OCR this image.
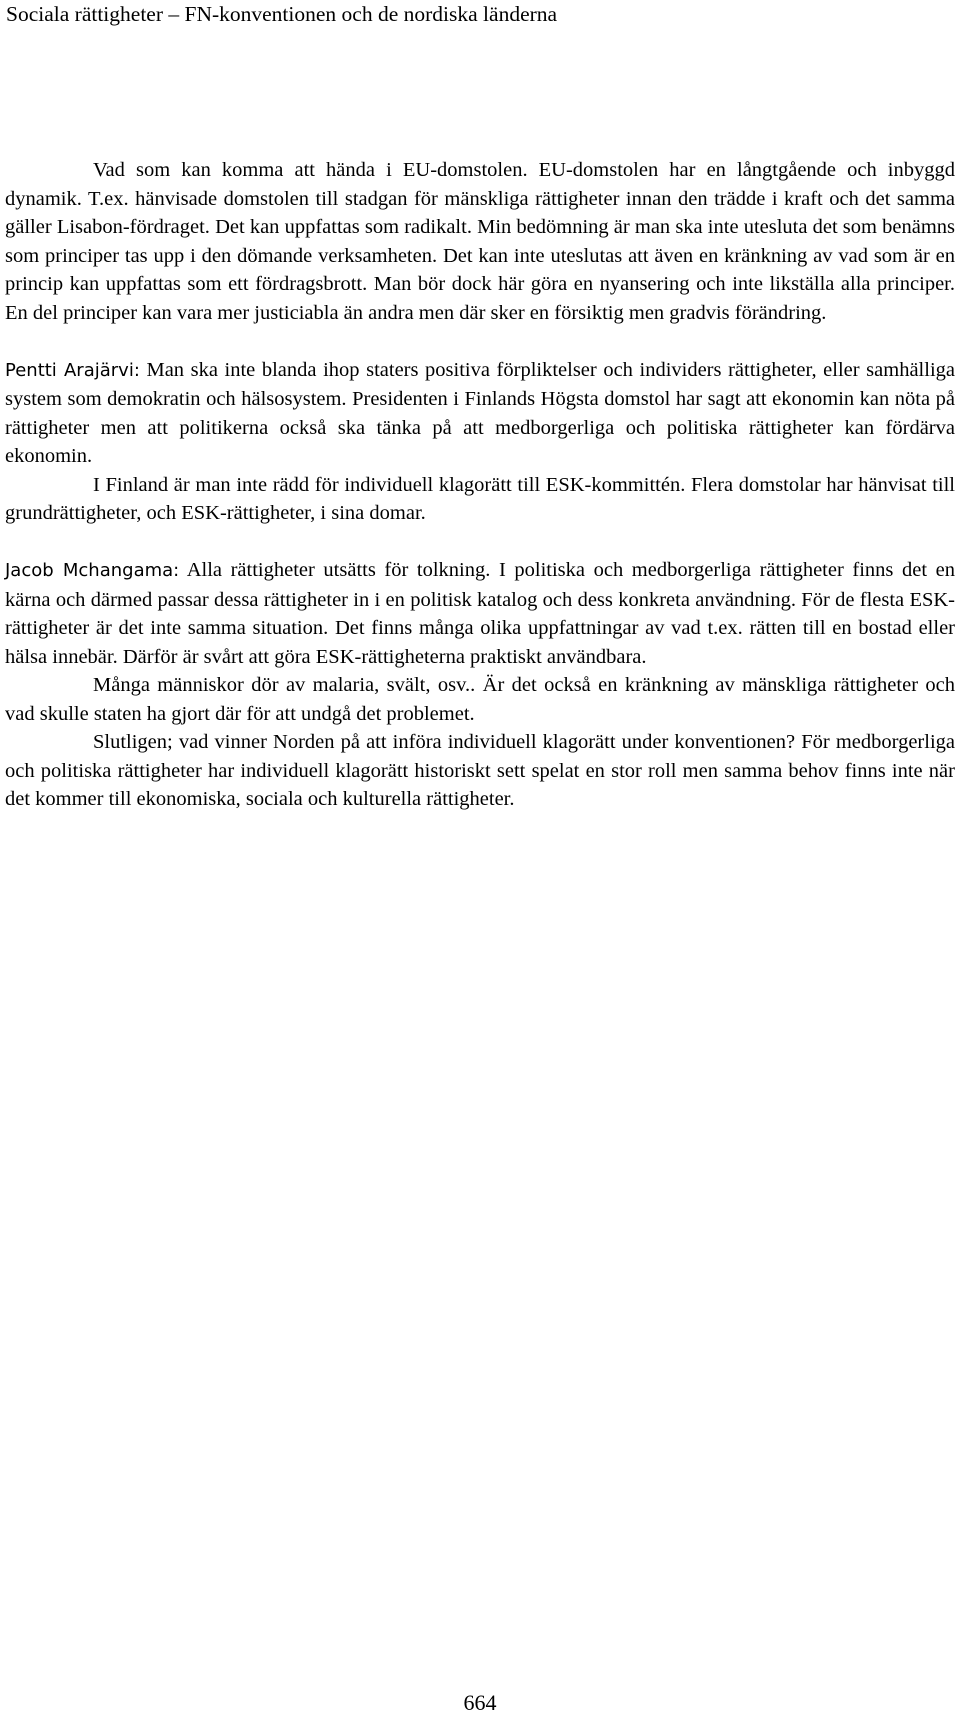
Sociala rättigheter – FN-konventionen och de nordiska länderna

Vad som kan komma att hända i EU-domstolen. EU-domstolen har en långtgående och inbyggd dynamik. T.ex. hänvisade domstolen till stadgan för mänskliga rättigheter innan den trädde i kraft och det samma gäller Lisabon-fördraget. Det kan uppfattas som radikalt. Min bedömning är man ska inte utesluta det som benämns som principer tas upp i den dömande verksamheten. Det kan inte uteslutas att även en kränkning av vad som är en princip kan uppfattas som ett fördragsbrott. Man bör dock här göra en nyansering och inte likställa alla principer. En del principer kan vara mer justiciabla än andra men där sker en försiktig men gradvis förändring.

Pentti Arajärvi: Man ska inte blanda ihop staters positiva förpliktelser och individers rättigheter, eller samhälliga system som demokratin och hälsosystem. Presidenten i Finlands Högsta domstol har sagt att ekonomin kan nöta på rättigheter men att politikerna också ska tänka på att medborgerliga och politiska rättigheter kan fördärva ekonomin.

I Finland är man inte rädd för individuell klagorätt till ESK-kommittén. Flera domstolar har hänvisat till grundrättigheter, och ESK-rättigheter, i sina domar.

Jacob Mchangama: Alla rättigheter utsätts för tolkning. I politiska och medborgerliga rättigheter finns det en kärna och därmed passar dessa rättigheter in i en politisk katalog och dess konkreta användning. För de flesta ESK-rättigheter är det inte samma situation. Det finns många olika uppfattningar av vad t.ex. rätten till en bostad eller hälsa innebär. Därför är svårt att göra ESK-rättigheterna praktiskt användbara.

Många människor dör av malaria, svält, osv.. Är det också en kränkning av mänskliga rättigheter och vad skulle staten ha gjort där för att undgå det problemet.

Slutligen; vad vinner Norden på att införa individuell klagorätt under konventionen? För medborgerliga och politiska rättigheter har individuell klagorätt historiskt sett spelat en stor roll men samma behov finns inte när det kommer till ekonomiska, sociala och kulturella rättigheter.

664
